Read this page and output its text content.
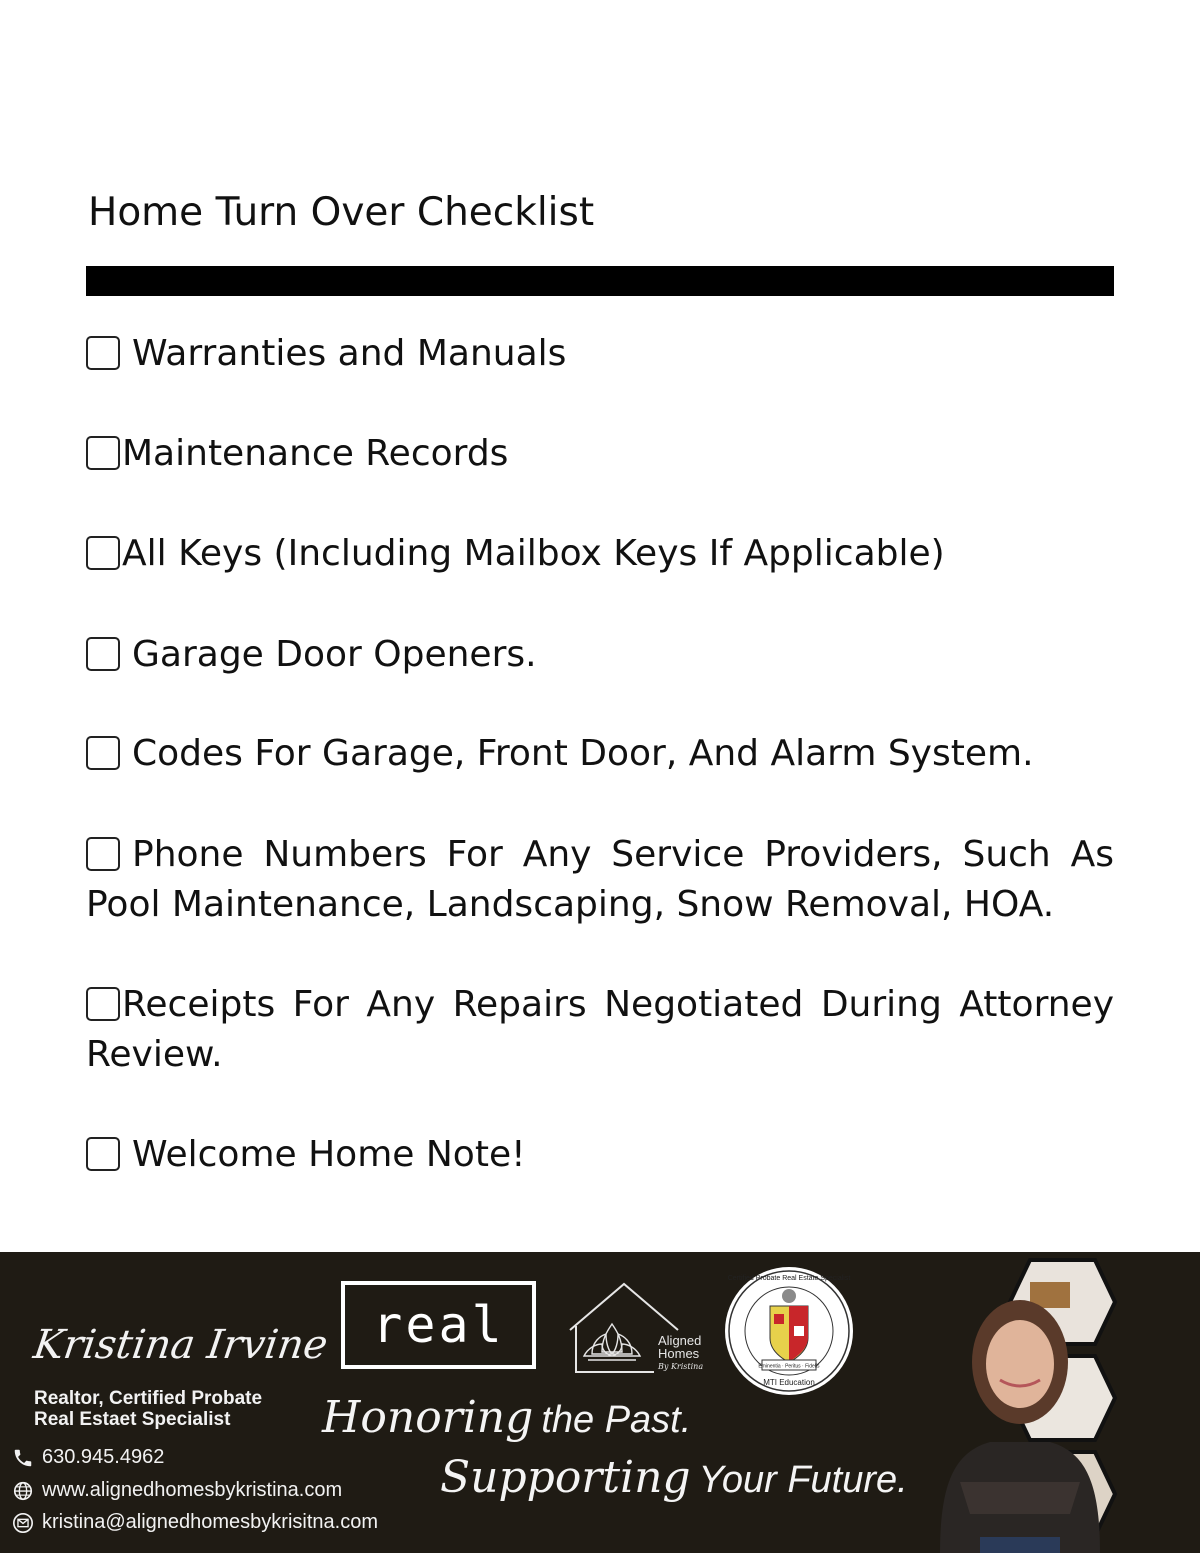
Home Turn Over Checklist
Warranties and Manuals
Maintenance Records
All Keys (Including Mailbox Keys If Applicable)
Garage Door Openers.
Codes For Garage, Front Door, And Alarm System.
Phone Numbers For Any Service Providers, Such As Pool Maintenance, Landscaping, Snow Removal, HOA.
Receipts For Any Repairs Negotiated During Attorney Review.
Welcome Home Note!
Kristina Irvine
Realtor, Certified Probate
Real Estaet Specialist
630.945.4962
www.alignedhomesbykristina.com
kristina@alignedhomesbykrisitna.com
real	Aligned
Homes
By Kristina
Certified Probate Real Estate Specialist
Eminentia · Peritus · Fidelis
MTI Education
Honoring the Past.
Supporting Your Future.
